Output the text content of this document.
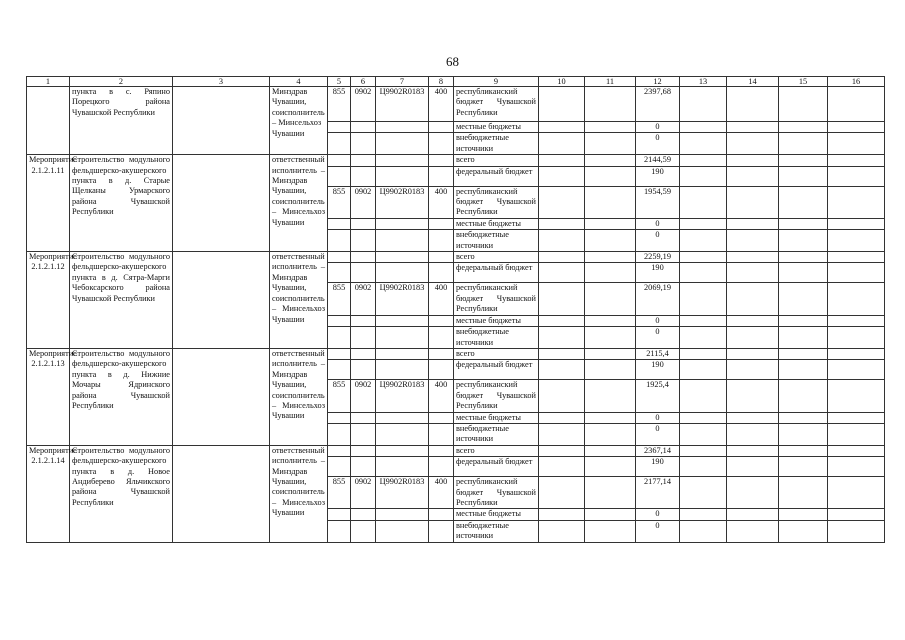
68
1	2	3	4	5	6	7	8	9	10	11	12	13	14	15	16
	пункта в с. Ряпино Порецкого района Чувашской Республики		Минздрав Чувашии, соисполнитель – Минсельхоз Чувашии	855	0902	Ц9902R0183	400	республиканский бюджет Чувашской Республики			2397,68				
								местные бюджеты			0				
								внебюджетные источники			0				
Мероприятие 2.1.2.1.11	Строительство модульного фельдшерско-акушерского пункта в д. Старые Щелканы Урмарского района Чувашской Республики		ответственный исполнитель – Минздрав Чувашии, соисполнитель – Минсельхоз Чувашии					всего			2144,59				
								федеральный бюджет			190				
				855	0902	Ц9902R0183	400	республиканский бюджет Чувашской Республики			1954,59				
								местные бюджеты			0				
								внебюджетные источники			0				
Мероприятие 2.1.2.1.12	Строительство модульного фельдшерско-акушерского пункта в д. Сятра-Марги Чебоксарского района Чувашской Республики		ответственный исполнитель – Минздрав Чувашии, соисполнитель – Минсельхоз Чувашии					всего			2259,19				
								федеральный бюджет			190				
				855	0902	Ц9902R0183	400	республиканский бюджет Чувашской Республики			2069,19				
								местные бюджеты			0				
								внебюджетные источники			0				
Мероприятие 2.1.2.1.13	Строительство модульного фельдшерско-акушерского пункта в д. Нижние Мочары Ядринского района Чувашской Республики		ответственный исполнитель – Минздрав Чувашии, соисполнитель – Минсельхоз Чувашии					всего			2115,4				
								федеральный бюджет			190				
				855	0902	Ц9902R0183	400	республиканский бюджет Чувашской Республики			1925,4				
								местные бюджеты			0				
								внебюджетные источники			0				
Мероприятие 2.1.2.1.14	Строительство модульного фельдшерско-акушерского пункта в д. Новое Андиберево Яльчикского района Чувашской Республики		ответственный исполнитель – Минздрав Чувашии, соисполнитель – Минсельхоз Чувашии					всего			2367,14				
								федеральный бюджет			190				
				855	0902	Ц9902R0183	400	республиканский бюджет Чувашской Республики			2177,14				
								местные бюджеты			0				
								внебюджетные источники			0				
